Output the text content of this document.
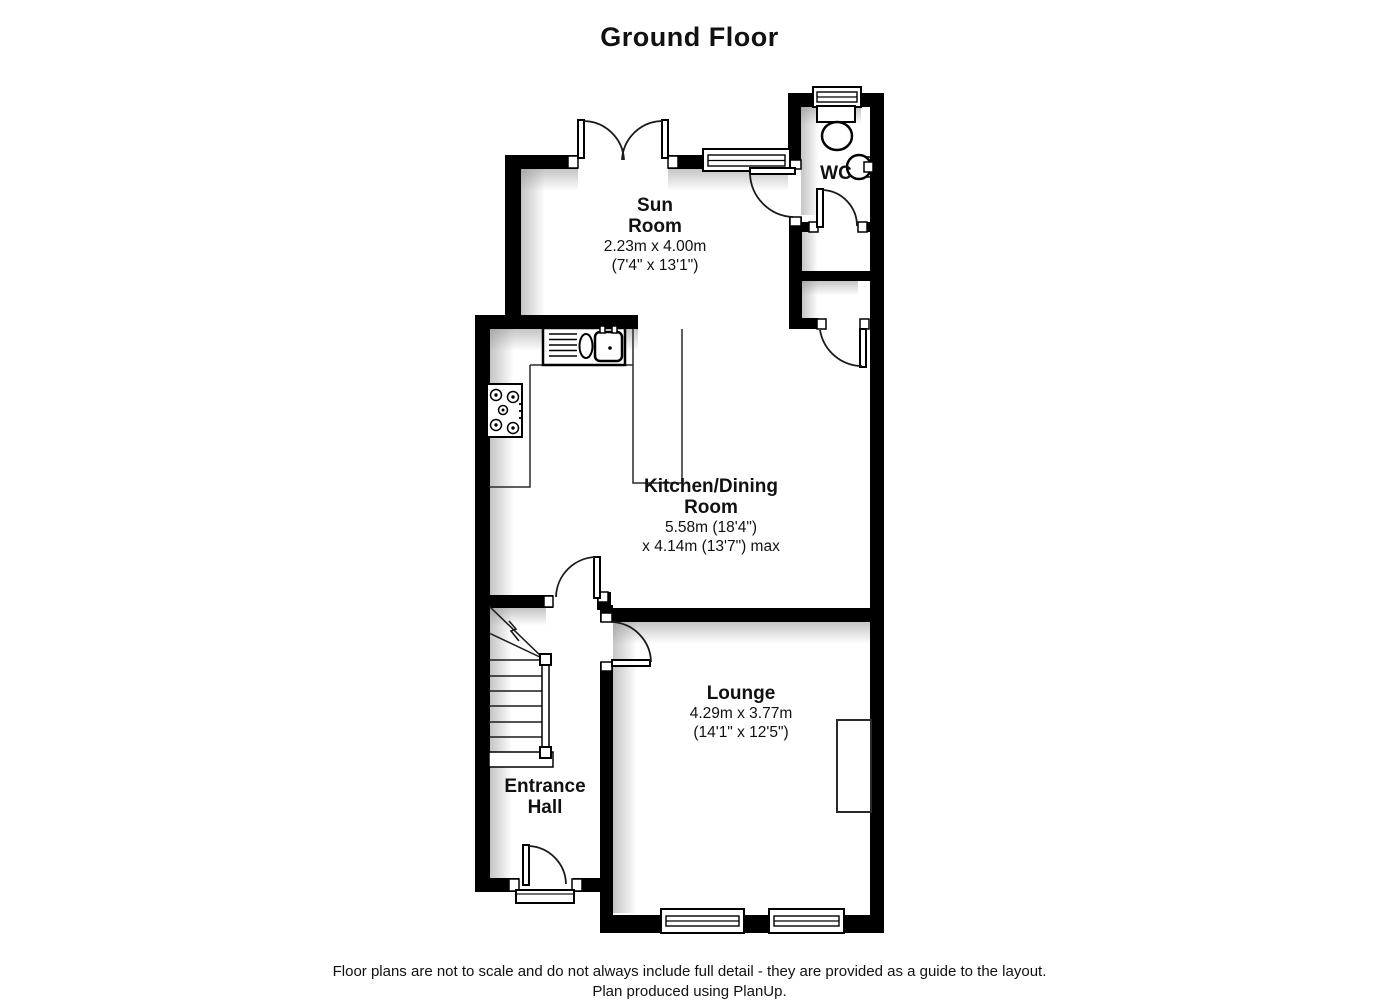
Ground Floor
Sun
Room
2.23m x 4.00m
(7'4" x 13'1")
WC
Kitchen/Dining
Room
5.58m (18'4")
x 4.14m (13'7") max
Lounge
4.29m x 3.77m
(14'1" x 12'5")
Entrance
Hall
Floor plans are not to scale and do not always include full detail - they are provided as a guide to the layout.
Plan produced using PlanUp.
